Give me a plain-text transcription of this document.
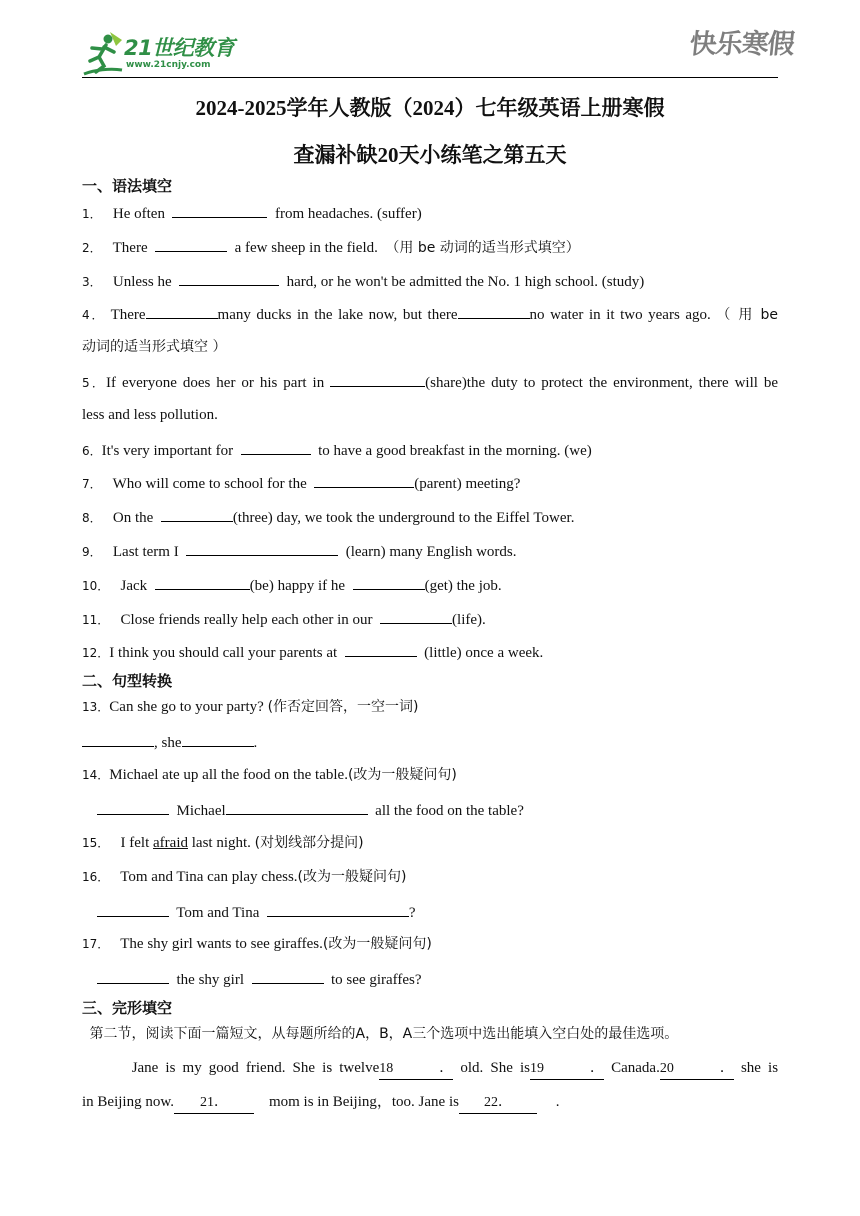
21世纪教育
www.21cnjy.com
快乐寒假
2024-2025学年人教版（2024）七年级英语上册寒假
查漏补缺20天小练笔之第五天
一、语法填空
1． He often	from headaches. (suffer)
2． There	a few sheep in the field. （用 be 动词的适当形式填空）
3． Unless he	hard, or he won't be admitted the No. 1 high school. (study)
4． There	many ducks in the lake now, but there	no water in it two years ago. （ 用 be
动词的适当形式填空 ）
5．If everyone does her or his part in	(share)the duty to protect the environment, there will be
less and less pollution.
6．It's very important for	to have a good breakfast in the morning. (we)
7． Who will come to school for the	(parent) meeting?
8． On the	(three) day, we took the underground to the Eiffel Tower.
9． Last term I	(learn) many English words.
10． Jack	(be) happy if he	(get) the job.
11． Close friends really help each other in our	(life).
12．I think you should call your parents at	(little) once a week.
二、句型转换
13．Can she go to your party? (作否定回答，一空一词)
, she	.
14．Michael ate up all the food on the table.(改为一般疑问句)
Michael	all the food on the table?
15． I felt afraid last night. (对划线部分提问)
16． Tom and Tina can play chess.(改为一般疑问句)
Tom and Tina	?
17． The shy girl wants to see giraffes.(改为一般疑问句)
the shy girl	to see giraffes?
三、完形填空
第二节，阅读下面一篇短文，从每题所给的A，B，A三个选项中选出能填入空白处的最佳选项。
Jane is my good friend. She is twelve18． old. She is19． Canada.20． she is
in Beijing now. 21．	mom is in Beijing，too. Jane is 22．	.
